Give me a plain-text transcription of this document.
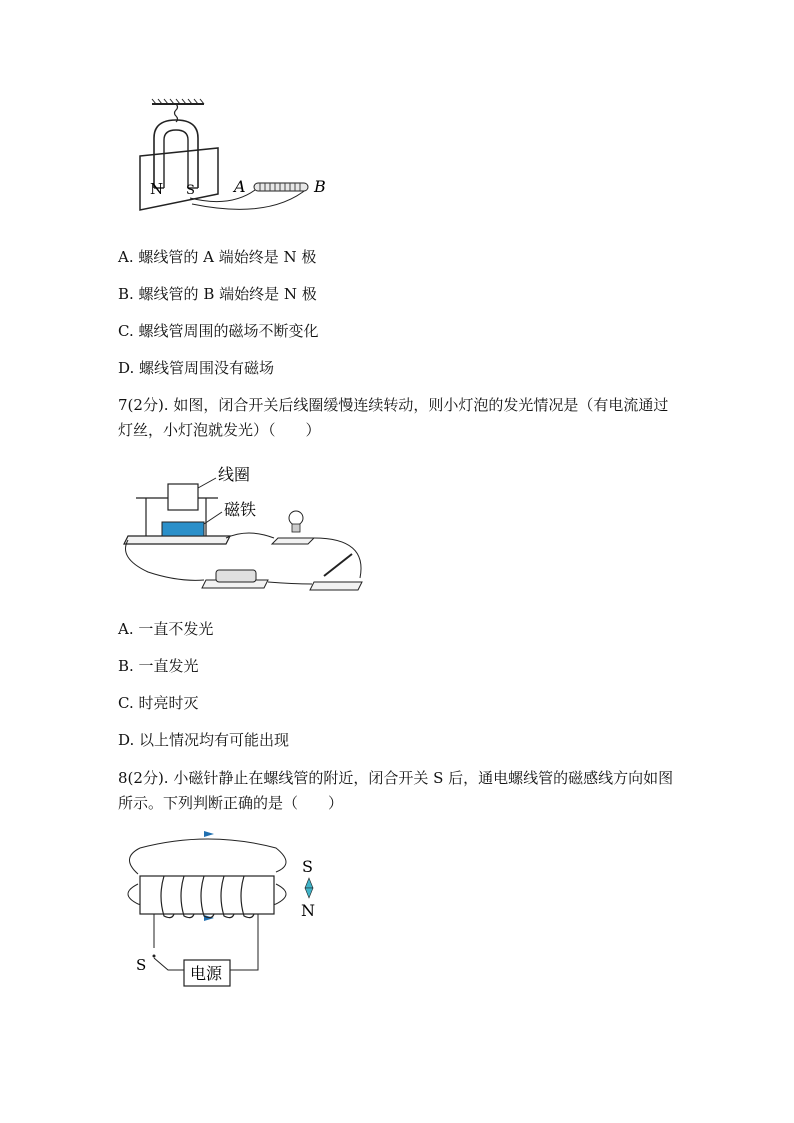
N S A	B
A. 螺线管的 A 端始终是 N 极
B. 螺线管的 B 端始终是 N 极
C. 螺线管周围的磁场不断变化
D. 螺线管周围没有磁场
7(2分). 如图，闭合开关后线圈缓慢连续转动，则小灯泡的发光情况是（有电流通过灯丝，小灯泡就发光）（　　）
线圈
磁铁
A. 一直不发光
B. 一直发光
C. 时亮时灭
D. 以上情况均有可能出现
8(2分). 小磁针静止在螺线管的附近，闭合开关 S 后，通电螺线管的磁感线方向如图所示。下列判断正确的是（　　）
电源
S
S
N
